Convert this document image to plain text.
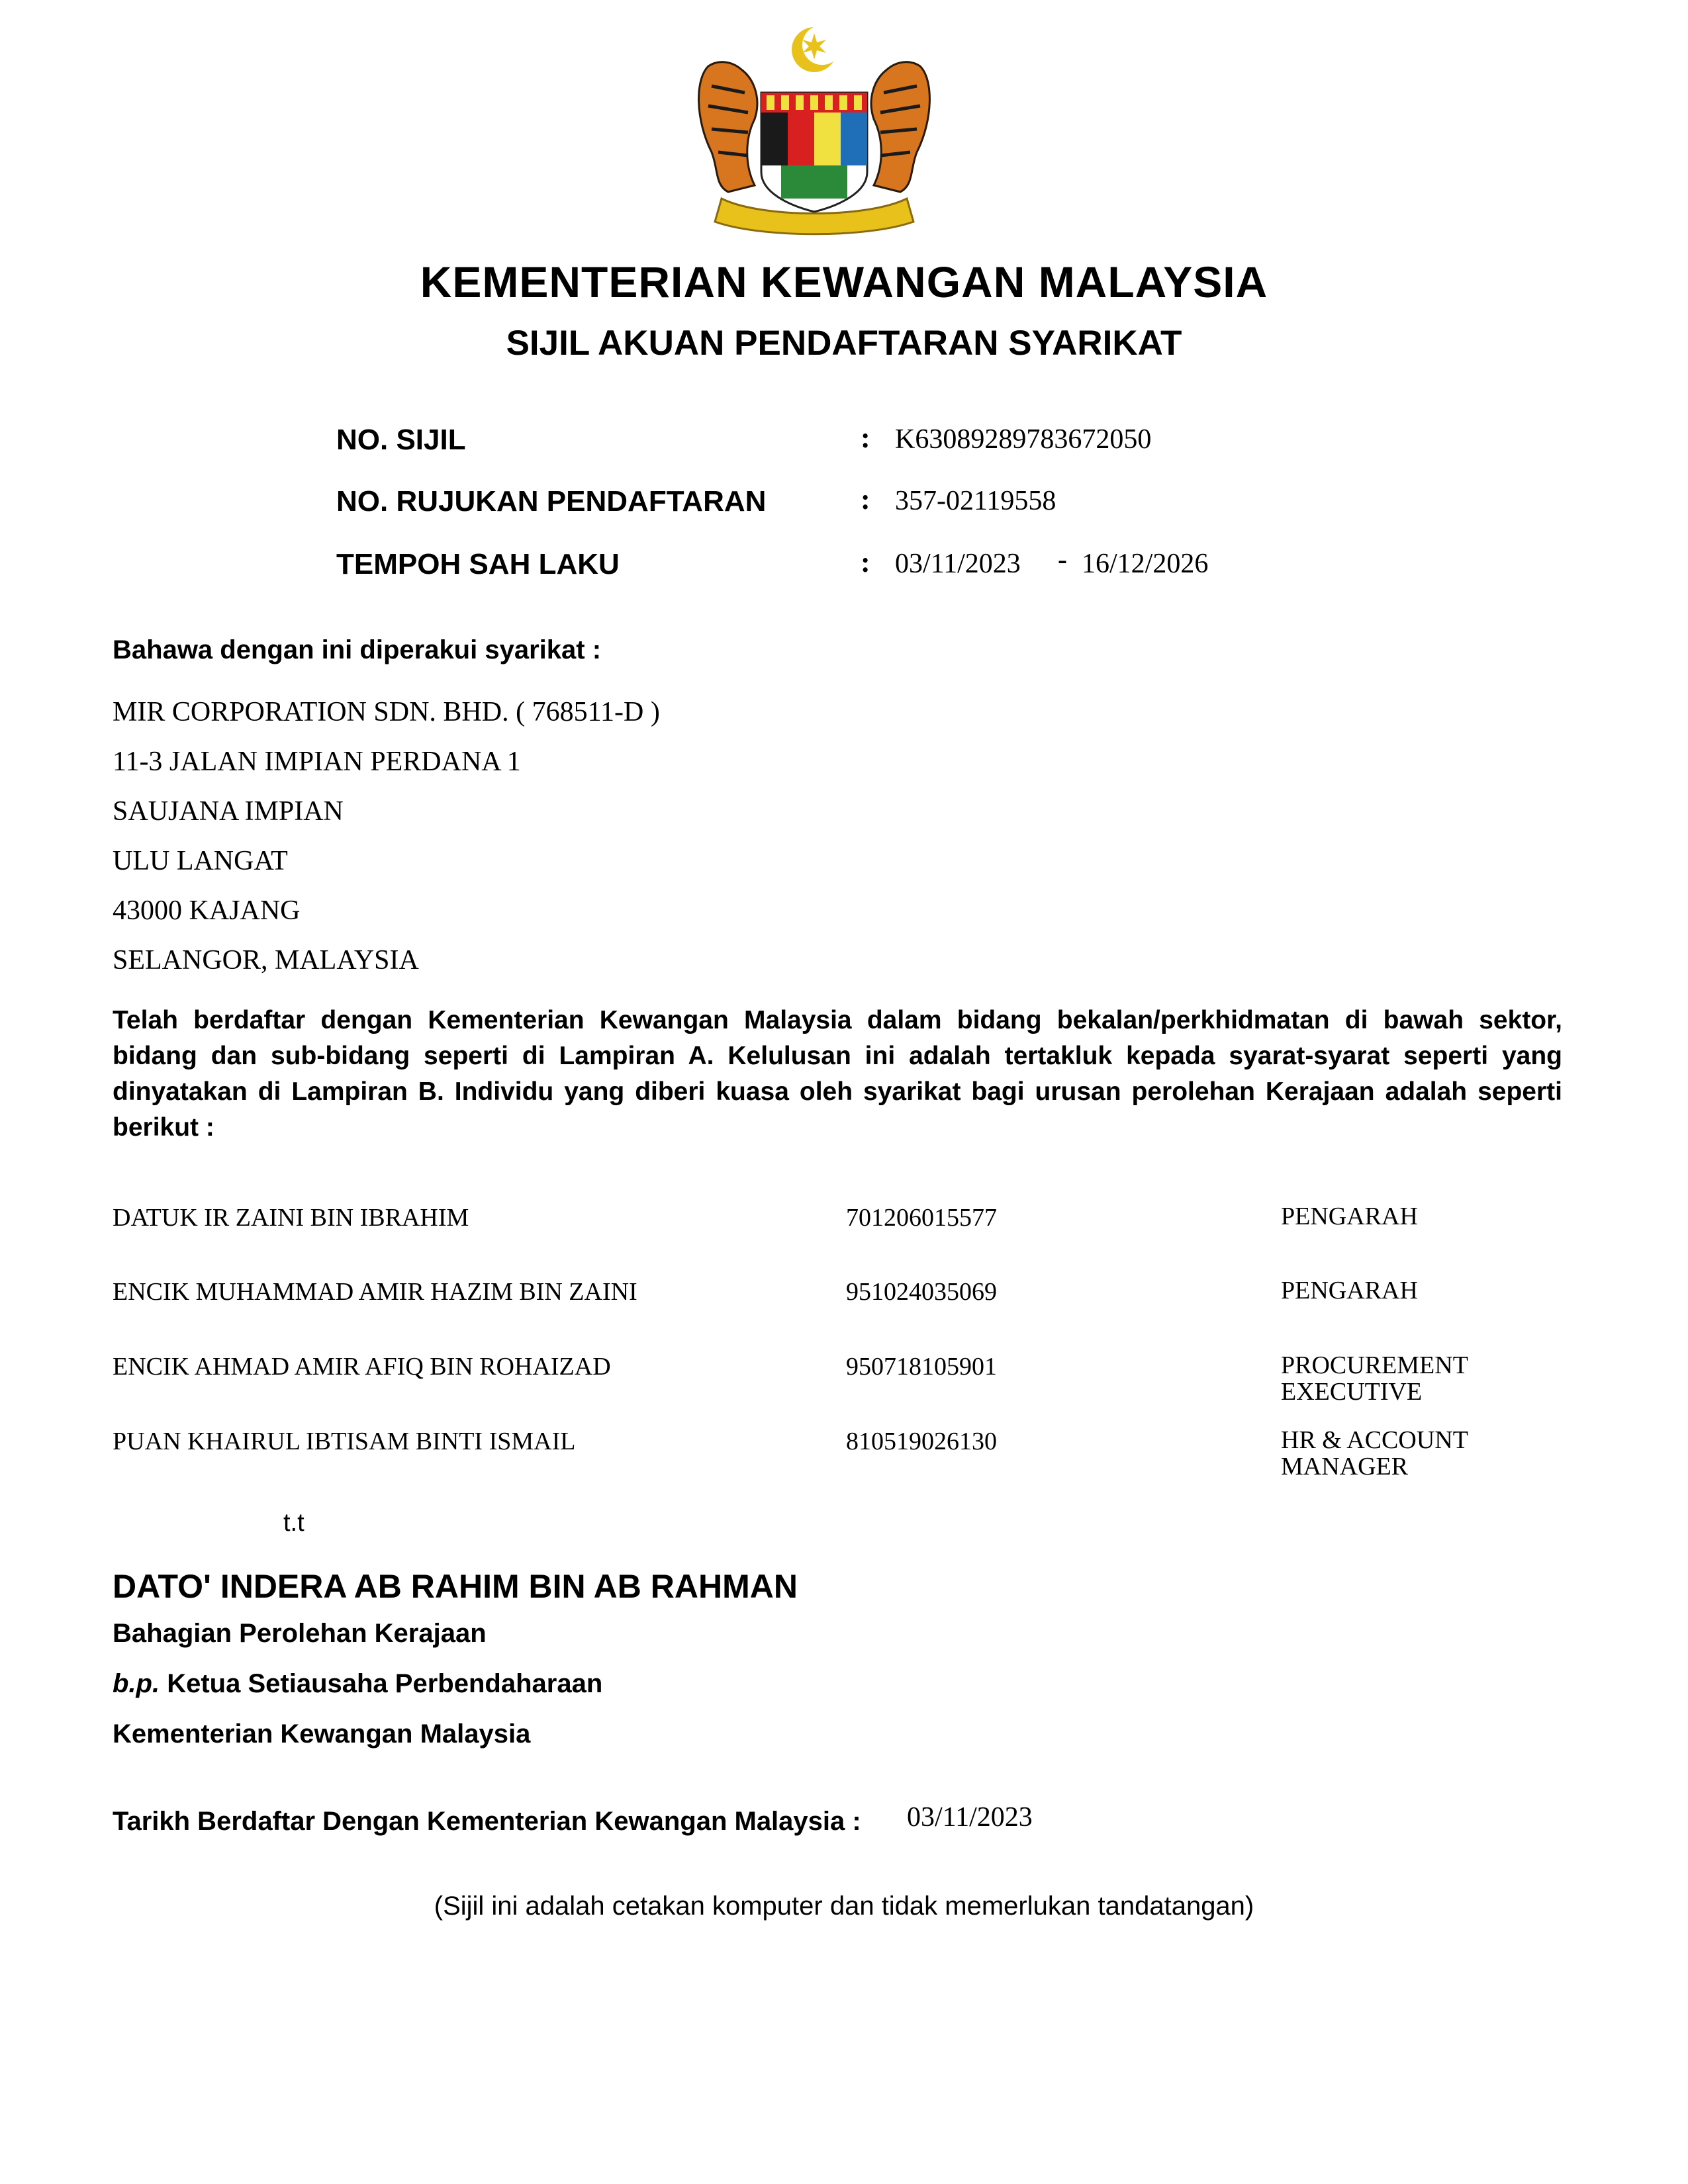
KEMENTERIAN KEWANGAN MALAYSIA
SIJIL AKUAN PENDAFTARAN SYARIKAT
NO. SIJIL	: K63089289783672050
NO. RUJUKAN PENDAFTARAN	: 357-02119558
TEMPOH SAH LAKU	: 03/11/2023 - 16/12/2026
Bahawa dengan ini diperakui syarikat :
MIR CORPORATION SDN. BHD. ( 768511-D )
11-3 JALAN IMPIAN PERDANA 1
SAUJANA IMPIAN
ULU LANGAT
43000 KAJANG
SELANGOR, MALAYSIA
Telah berdaftar dengan Kementerian Kewangan Malaysia dalam bidang bekalan/perkhidmatan di bawah sektor, bidang dan sub-bidang seperti di Lampiran A. Kelulusan ini adalah tertakluk kepada syarat-syarat seperti yang dinyatakan di Lampiran B. Individu yang diberi kuasa oleh syarikat bagi urusan perolehan Kerajaan adalah seperti berikut :
DATUK IR ZAINI BIN IBRAHIM	701206015577	PENGARAH
ENCIK MUHAMMAD AMIR HAZIM BIN ZAINI	951024035069	PENGARAH
ENCIK AHMAD AMIR AFIQ BIN ROHAIZAD	950718105901	PROCUREMENT EXECUTIVE
PUAN KHAIRUL IBTISAM BINTI ISMAIL	810519026130	HR & ACCOUNT MANAGER
t.t
DATO' INDERA AB RAHIM BIN AB RAHMAN
Bahagian Perolehan Kerajaan
b.p. Ketua Setiausaha Perbendaharaan
Kementerian Kewangan Malaysia
Tarikh Berdaftar Dengan Kementerian Kewangan Malaysia : 03/11/2023
(Sijil ini adalah cetakan komputer dan tidak memerlukan tandatangan)
